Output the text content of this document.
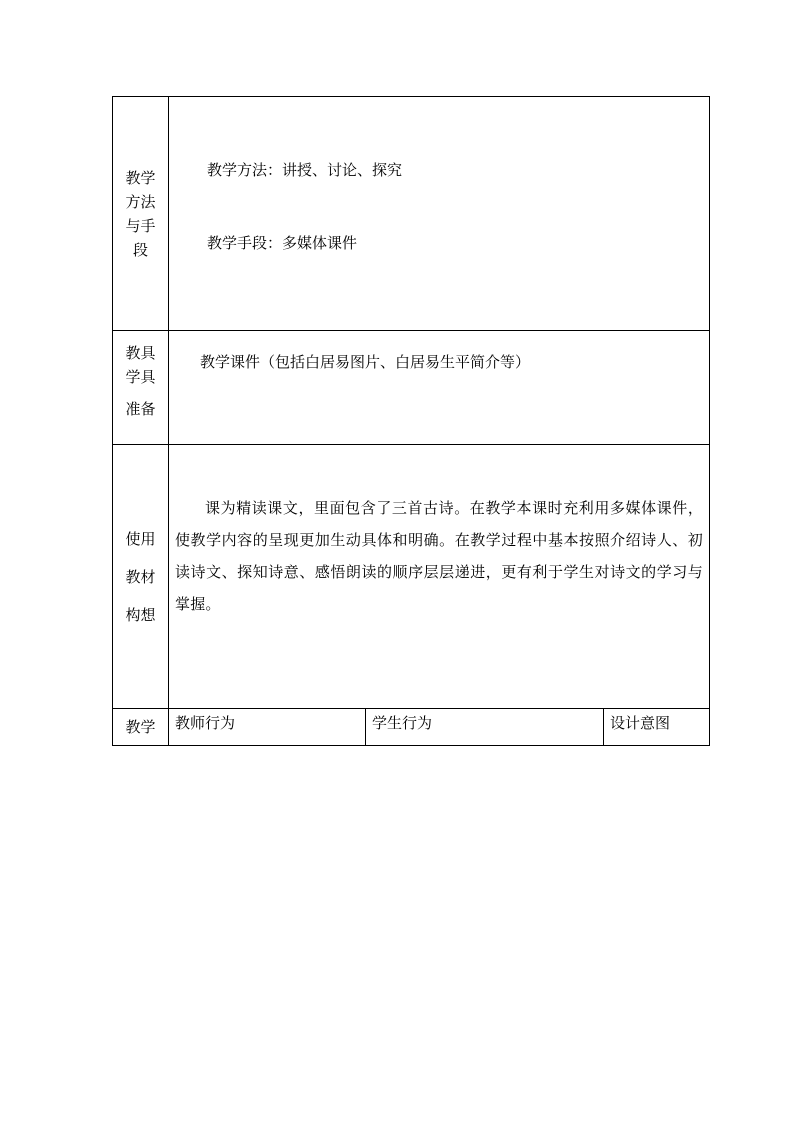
教学方法与手段	教学方法：讲授、讨论、探究
教学手段：多媒体课件		

教具
学具
准备	教学课件（包括白居易图片、白居易生平简介等）		

使用
教材
构想	课为精读课文，里面包含了三首古诗。在教学本课时充利用多媒体课件，使教学内容的呈现更加生动具体和明确。在教学过程中基本按照介绍诗人、初读诗文、探知诗意、感悟朗读的顺序层层递进，更有利于学生对诗文的学习与掌握。		

教学	教师行为	学生行为	设计意图
